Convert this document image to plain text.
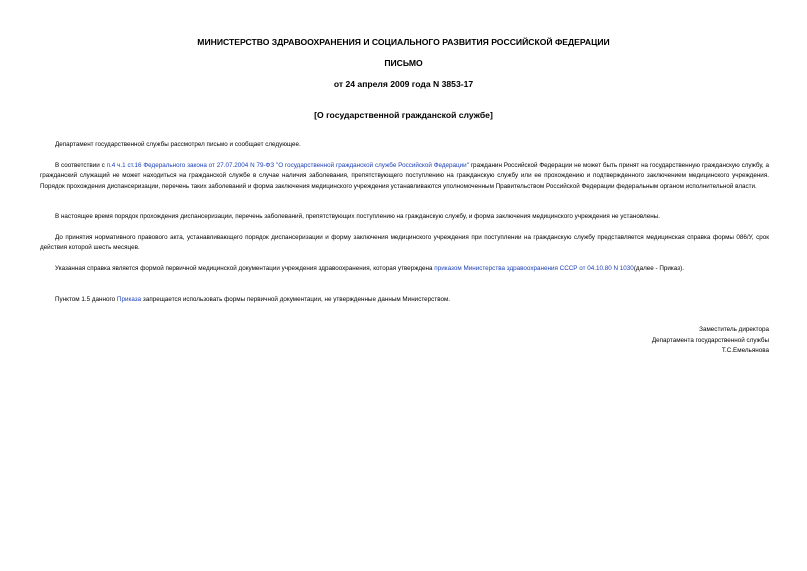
МИНИСТЕРСТВО ЗДРАВООХРАНЕНИЯ И СОЦИАЛЬНОГО РАЗВИТИЯ РОССИЙСКОЙ ФЕДЕРАЦИИ
ПИСЬМО
от 24 апреля 2009 года N 3853-17
[О государственной гражданской службе]
Департамент государственной службы рассмотрел письмо и сообщает следующее.
В соответствии с п.4 ч.1 ст.16 Федерального закона от 27.07.2004 N 79-ФЗ "О государственной гражданской службе Российской Федерации" гражданин Российской Федерации не может быть принят на государственную гражданскую службу, а гражданский служащий не может находиться на гражданской службе в случае наличия заболевания, препятствующего поступлению на гражданскую службу или ее прохождению и подтвержденного заключением медицинского учреждения. Порядок прохождения диспансеризации, перечень таких заболеваний и форма заключения медицинского учреждения устанавливаются уполномоченным Правительством Российской Федерации федеральным органом исполнительной власти.
В настоящее время порядок прохождения диспансеризации, перечень заболеваний, препятствующих поступлению на гражданскую службу, и форма заключения медицинского учреждения не установлены.
До принятия нормативного правового акта, устанавливающего порядок диспансеризации и форму заключения медицинского учреждения при поступлении на гражданскую службу представляется медицинская справка формы 086/У, срок действия которой шесть месяцев.
Указанная справка является формой первичной медицинской документации учреждения здравоохранения, которая утверждена приказом Министерства здравоохранения СССР от 04.10.80 N 1030(далее - Приказ).
Пунктом 1.5 данного Приказа запрещается использовать формы первичной документации, не утвержденные данным Министерством.
Заместитель директора
Департамента государственной службы
Т.С.Емельянова
